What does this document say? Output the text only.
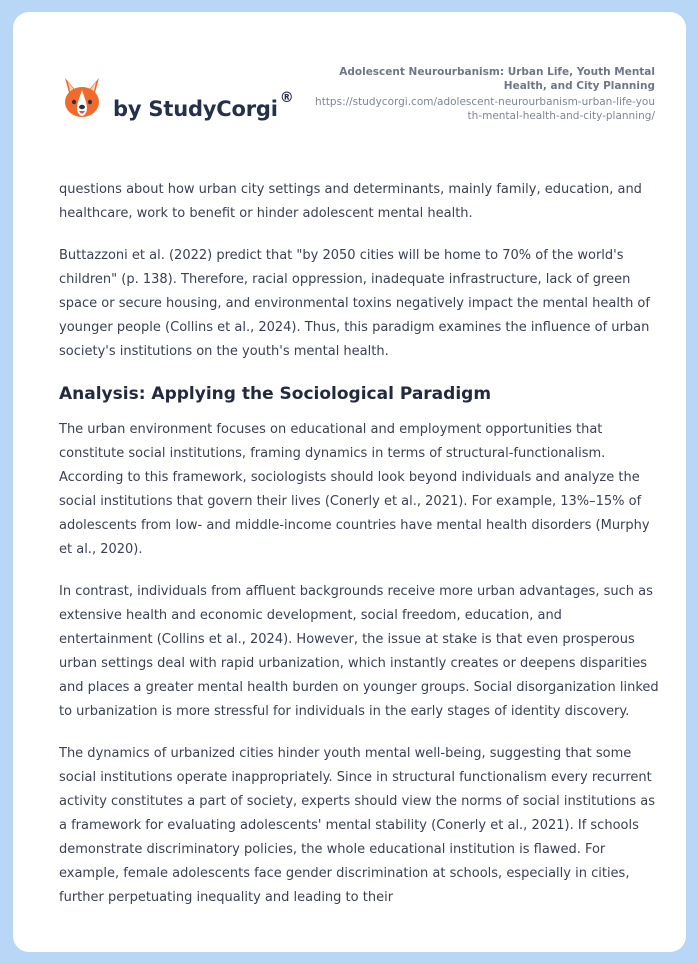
by StudyCorgi ®
Adolescent Neurourbanism: Urban Life, Youth Mental Health, and City Planning
https://studycorgi.com/adolescent-neurourbanism-urban-life-youth-mental-health-and-city-planning/

questions about how urban city settings and determinants, mainly family, education, and healthcare, work to benefit or hinder adolescent mental health.

Buttazzoni et al. (2022) predict that "by 2050 cities will be home to 70% of the world's children" (p. 138). Therefore, racial oppression, inadequate infrastructure, lack of green space or secure housing, and environmental toxins negatively impact the mental health of younger people (Collins et al., 2024). Thus, this paradigm examines the influence of urban society's institutions on the youth's mental health.

Analysis: Applying the Sociological Paradigm

The urban environment focuses on educational and employment opportunities that constitute social institutions, framing dynamics in terms of structural-functionalism. According to this framework, sociologists should look beyond individuals and analyze the social institutions that govern their lives (Conerly et al., 2021). For example, 13%–15% of adolescents from low- and middle-income countries have mental health disorders (Murphy et al., 2020).

In contrast, individuals from affluent backgrounds receive more urban advantages, such as extensive health and economic development, social freedom, education, and entertainment (Collins et al., 2024). However, the issue at stake is that even prosperous urban settings deal with rapid urbanization, which instantly creates or deepens disparities and places a greater mental health burden on younger groups. Social disorganization linked to urbanization is more stressful for individuals in the early stages of identity discovery.

The dynamics of urbanized cities hinder youth mental well-being, suggesting that some social institutions operate inappropriately. Since in structural functionalism every recurrent activity constitutes a part of society, experts should view the norms of social institutions as a framework for evaluating adolescents' mental stability (Conerly et al., 2021). If schools demonstrate discriminatory policies, the whole educational institution is flawed. For example, female adolescents face gender discrimination at schools, especially in cities, further perpetuating inequality and leading to their
